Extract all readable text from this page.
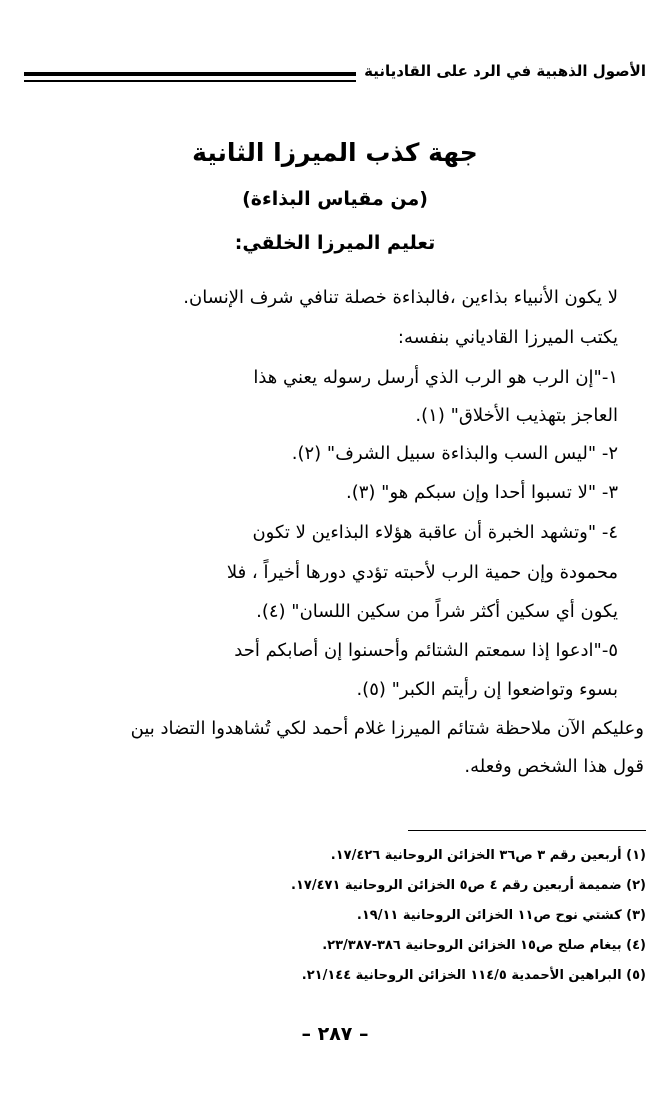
الأصول الذهبية في الرد على القاديانية
جهة كذب الميرزا الثانية
(من مقياس البذاءة)
تعليم الميرزا الخلقي:
لا يكون الأنبياء بذاءين ،فالبذاءة خصلة تنافي شرف الإنسان.
يكتب الميرزا القادياني بنفسه:
١-"إن الرب هو الرب الذي أرسل رسوله يعني هذا
العاجز بتهذيب الأخلاق" (١).
٢- "ليس السب والبذاءة سبيل الشرف" (٢).
٣- "لا تسبوا أحدا وإن سبكم هو" (٣).
٤- "وتشهد الخبرة أن عاقبة هؤلاء البذاءين لا تكون
محمودة وإن حمية الرب لأحبته تؤدي دورها أخيراً ، فلا
يكون أي سكين أكثر شراً من سكين اللسان" (٤).
٥-"ادعوا إذا سمعتم الشتائم وأحسنوا إن أصابكم أحد
بسوء وتواضعوا إن رأيتم الكبر" (٥).
وعليكم الآن ملاحظة شتائم الميرزا غلام أحمد لكي تُشاهدوا التضاد بين
قول هذا الشخص وفعله.
(١) أربعين رقم ٣ ص٣٦ الخزائن الروحانية ١٧/٤٢٦.
(٢) ضميمة أربعين رقم ٤ ص٥ الخزائن الروحانية ١٧/٤٧١.
(٣) كشتي نوح ص١١ الخزائن الروحانية ١٩/١١.
(٤) بيغام صلح ص١٥ الخزائن الروحانية ٣٨٦-٢٣/٣٨٧.
(٥) البراهين الأحمدية ١١٤/٥ الخزائن الروحانية ٢١/١٤٤.
– ٢٨٧ –
